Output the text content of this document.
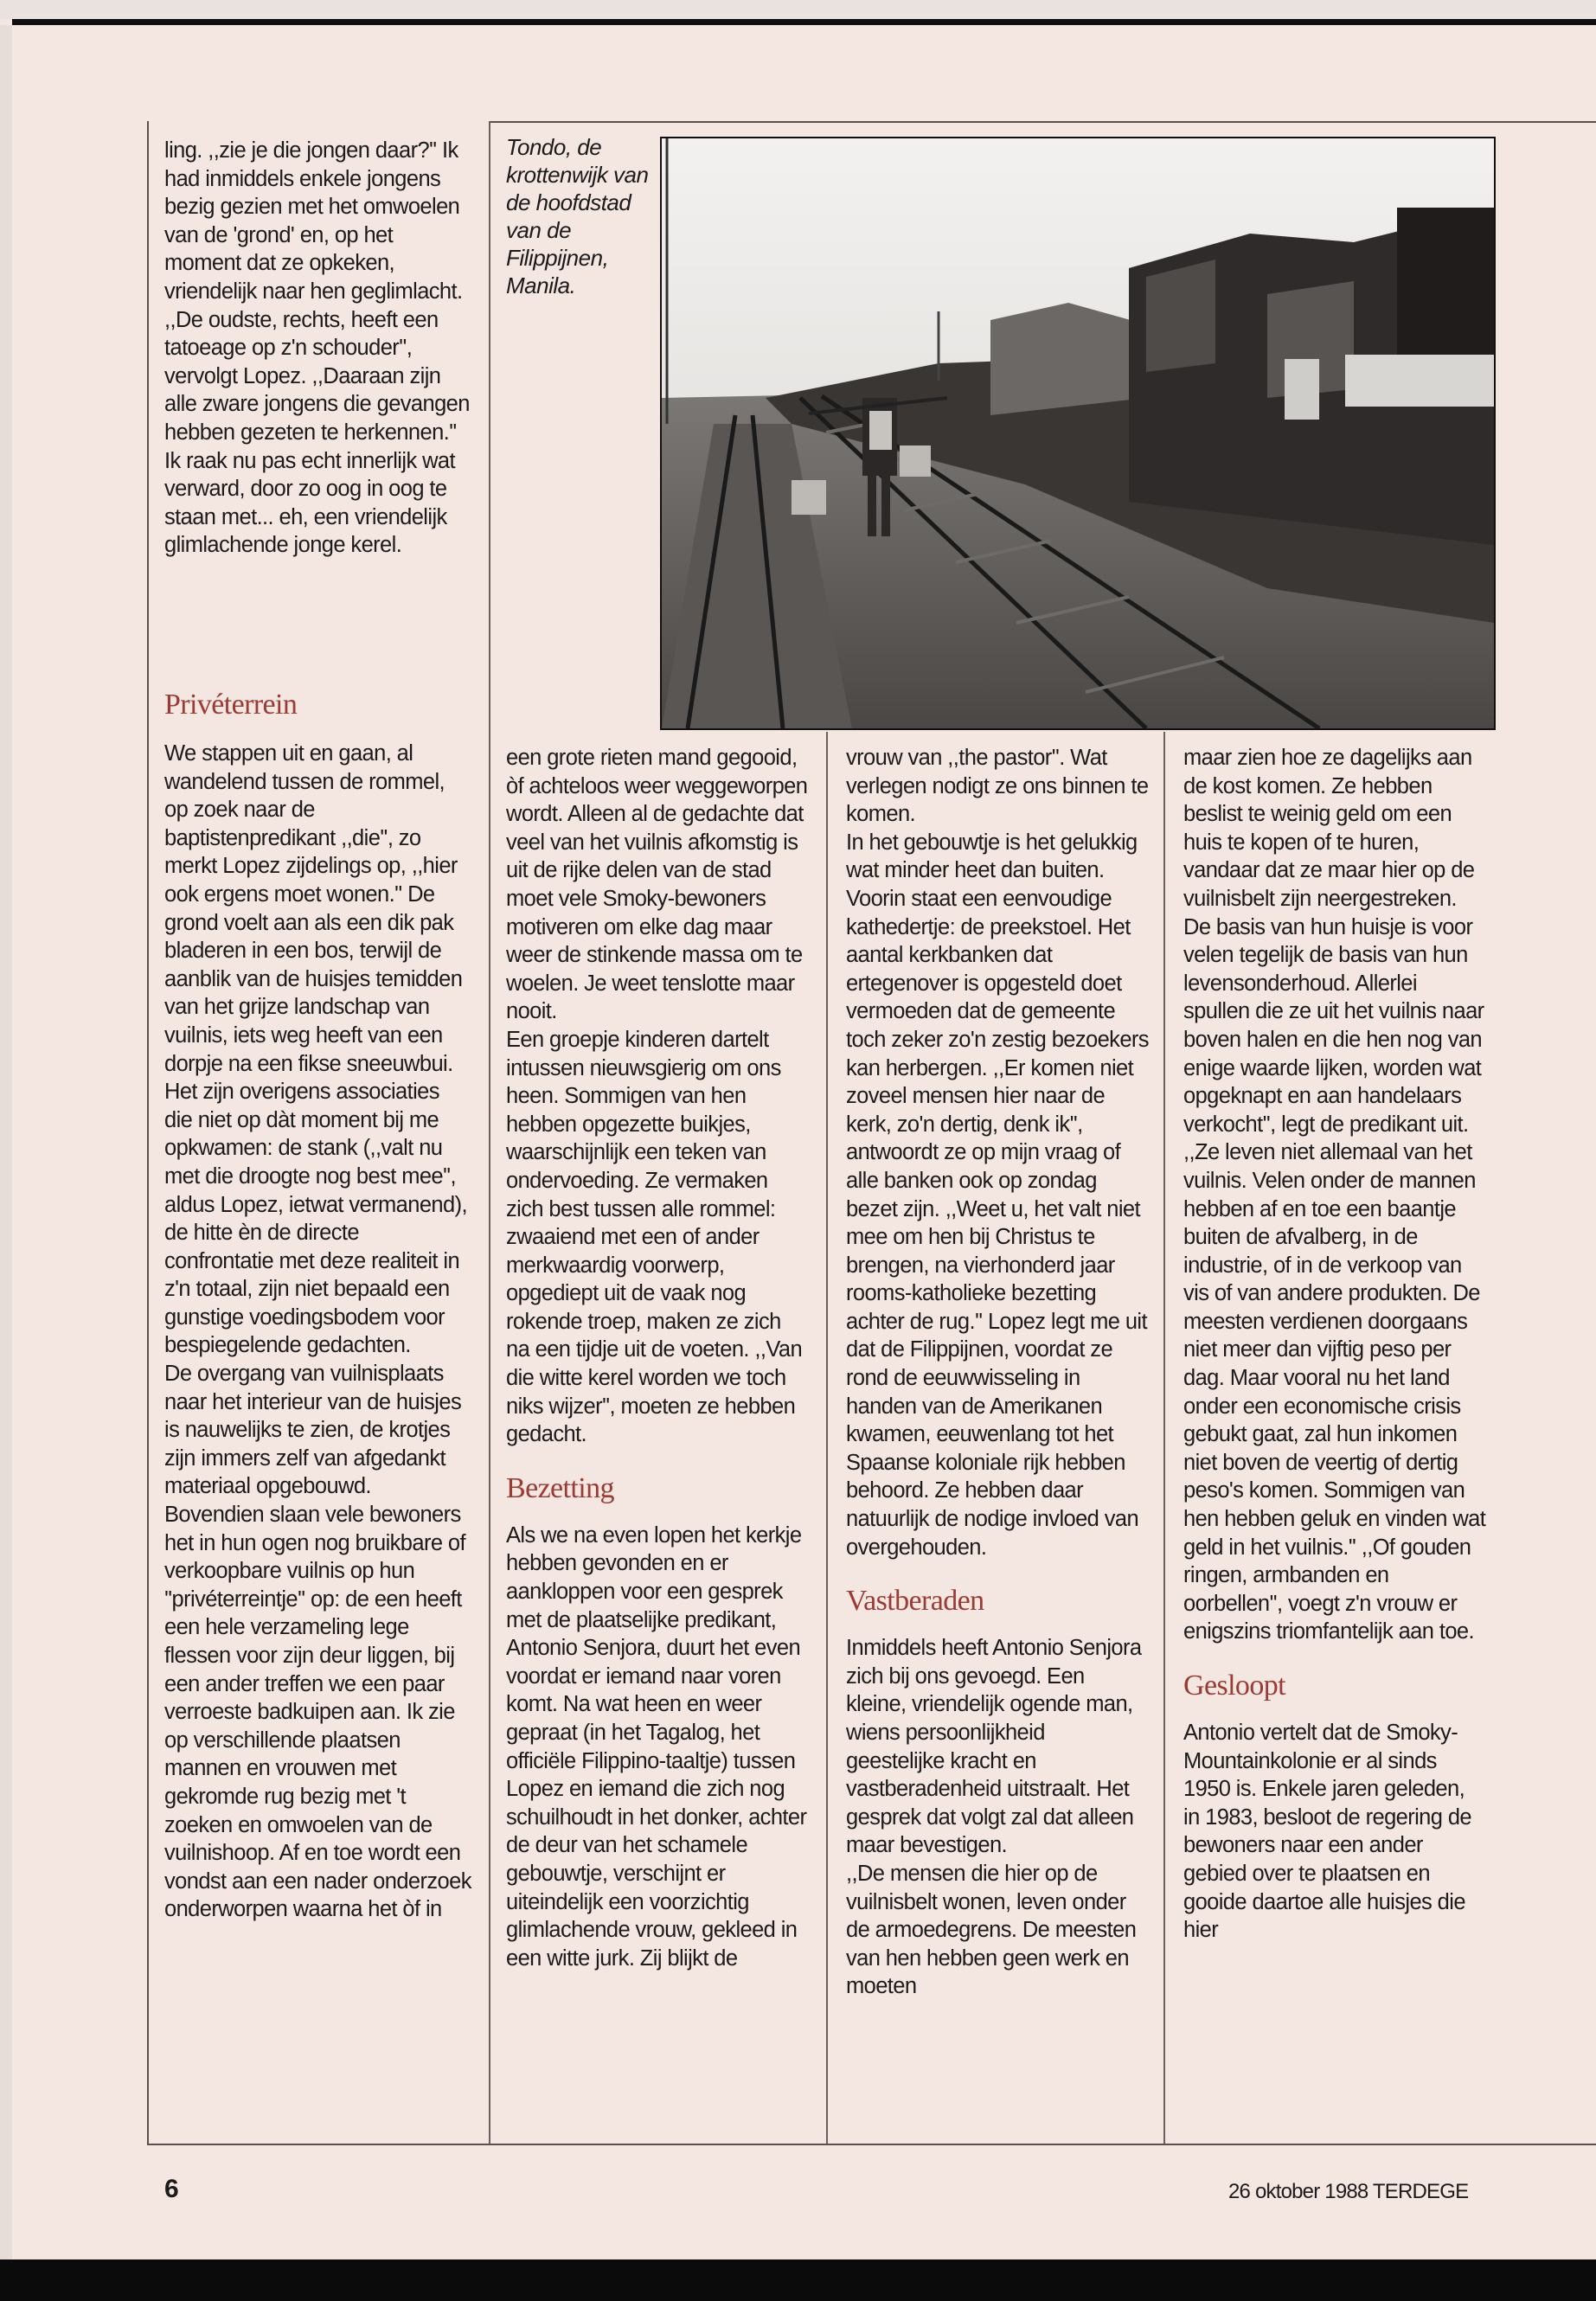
Tondo, de krottenwijk van de hoofdstad van de Filippijnen, Manila.

ling. ,,zie je die jongen daar?'' Ik had inmiddels enkele jongens bezig gezien met het omwoelen van de 'grond' en, op het moment dat ze opkeken, vriendelijk naar hen geglimlacht. ,,De oudste, rechts, heeft een tatoeage op z'n schouder'', vervolgt Lopez. ,,Daaraan zijn alle zware jongens die gevangen hebben gezeten te herkennen.'' Ik raak nu pas echt innerlijk wat verward, door zo oog in oog te staan met... eh, een vriendelijk glimlachende jonge kerel.

Privéterrein

We stappen uit en gaan, al wandelend tussen de rommel, op zoek naar de baptistenpredikant ,,die'', zo merkt Lopez zijdelings op, ,,hier ook ergens moet wonen.'' De grond voelt aan als een dik pak bladeren in een bos, terwijl de aanblik van de huisjes temidden van het grijze landschap van vuilnis, iets weg heeft van een dorpje na een fikse sneeuwbui. Het zijn overigens associaties die niet op dàt moment bij me opkwamen: de stank (,,valt nu met die droogte nog best mee'', aldus Lopez, ietwat vermanend), de hitte èn de directe confrontatie met deze realiteit in z'n totaal, zijn niet bepaald een gunstige voedingsbodem voor bespiegelende gedachten.

De overgang van vuilnisplaats naar het interieur van de huisjes is nauwelijks te zien, de krotjes zijn immers zelf van afgedankt materiaal opgebouwd. Bovendien slaan vele bewoners het in hun ogen nog bruikbare of verkoopbare vuilnis op hun ''privéterreintje'' op: de een heeft een hele verzameling lege flessen voor zijn deur liggen, bij een ander treffen we een paar verroeste badkuipen aan. Ik zie op verschillende plaatsen mannen en vrouwen met gekromde rug bezig met 't zoeken en omwoelen van de vuilnishoop. Af en toe wordt een vondst aan een nader onderzoek onderworpen waarna het òf in

een grote rieten mand gegooid, òf achteloos weer weggeworpen wordt. Alleen al de gedachte dat veel van het vuilnis afkomstig is uit de rijke delen van de stad moet vele Smoky-bewoners motiveren om elke dag maar weer de stinkende massa om te woelen. Je weet tenslotte maar nooit.

Een groepje kinderen dartelt intussen nieuwsgierig om ons heen. Sommigen van hen hebben opgezette buikjes, waarschijnlijk een teken van ondervoeding. Ze vermaken zich best tussen alle rommel: zwaaiend met een of ander merkwaardig voorwerp, opgediept uit de vaak nog rokende troep, maken ze zich na een tijdje uit de voeten. ,,Van die witte kerel worden we toch niks wijzer'', moeten ze hebben gedacht.

Bezetting

Als we na even lopen het kerkje hebben gevonden en er aankloppen voor een gesprek met de plaatselijke predikant, Antonio Senjora, duurt het even voordat er iemand naar voren komt. Na wat heen en weer gepraat (in het Tagalog, het officiële Filippino-taaltje) tussen Lopez en iemand die zich nog schuilhoudt in het donker, achter de deur van het schamele gebouwtje, verschijnt er uiteindelijk een voorzichtig glimlachende vrouw, gekleed in een witte jurk. Zij blijkt de

vrouw van ,,the pastor''. Wat verlegen nodigt ze ons binnen te komen.

In het gebouwtje is het gelukkig wat minder heet dan buiten. Voorin staat een eenvoudige kathedertje: de preekstoel. Het aantal kerkbanken dat ertegenover is opgesteld doet vermoeden dat de gemeente toch zeker zo'n zestig bezoekers kan herbergen. ,,Er komen niet zoveel mensen hier naar de kerk, zo'n dertig, denk ik'', antwoordt ze op mijn vraag of alle banken ook op zondag bezet zijn. ,,Weet u, het valt niet mee om hen bij Christus te brengen, na vierhonderd jaar rooms-katholieke bezetting achter de rug.'' Lopez legt me uit dat de Filippijnen, voordat ze rond de eeuwwisseling in handen van de Amerikanen kwamen, eeuwenlang tot het Spaanse koloniale rijk hebben behoord. Ze hebben daar natuurlijk de nodige invloed van overgehouden.

Vastberaden

Inmiddels heeft Antonio Senjora zich bij ons gevoegd. Een kleine, vriendelijk ogende man, wiens persoonlijkheid geestelijke kracht en vastberadenheid uitstraalt. Het gesprek dat volgt zal dat alleen maar bevestigen.

,,De mensen die hier op de vuilnisbelt wonen, leven onder de armoedegrens. De meesten van hen hebben geen werk en moeten

maar zien hoe ze dagelijks aan de kost komen. Ze hebben beslist te weinig geld om een huis te kopen of te huren, vandaar dat ze maar hier op de vuilnisbelt zijn neergestreken. De basis van hun huisje is voor velen tegelijk de basis van hun levensonderhoud. Allerlei spullen die ze uit het vuilnis naar boven halen en die hen nog van enige waarde lijken, worden wat opgeknapt en aan handelaars verkocht'', legt de predikant uit.

,,Ze leven niet allemaal van het vuilnis. Velen onder de mannen hebben af en toe een baantje buiten de afvalberg, in de industrie, of in de verkoop van vis of van andere produkten. De meesten verdienen doorgaans niet meer dan vijftig peso per dag. Maar vooral nu het land onder een economische crisis gebukt gaat, zal hun inkomen niet boven de veertig of dertig peso's komen. Sommigen van hen hebben geluk en vinden wat geld in het vuilnis.'' ,,Of gouden ringen, armbanden en oorbellen'', voegt z'n vrouw er enigszins triomfantelijk aan toe.

Gesloopt

Antonio vertelt dat de Smoky-Mountainkolonie er al sinds 1950 is. Enkele jaren geleden, in 1983, besloot de regering de bewoners naar een ander gebied over te plaatsen en gooide daartoe alle huisjes die hier

6	26 oktober 1988 TERDEGE
